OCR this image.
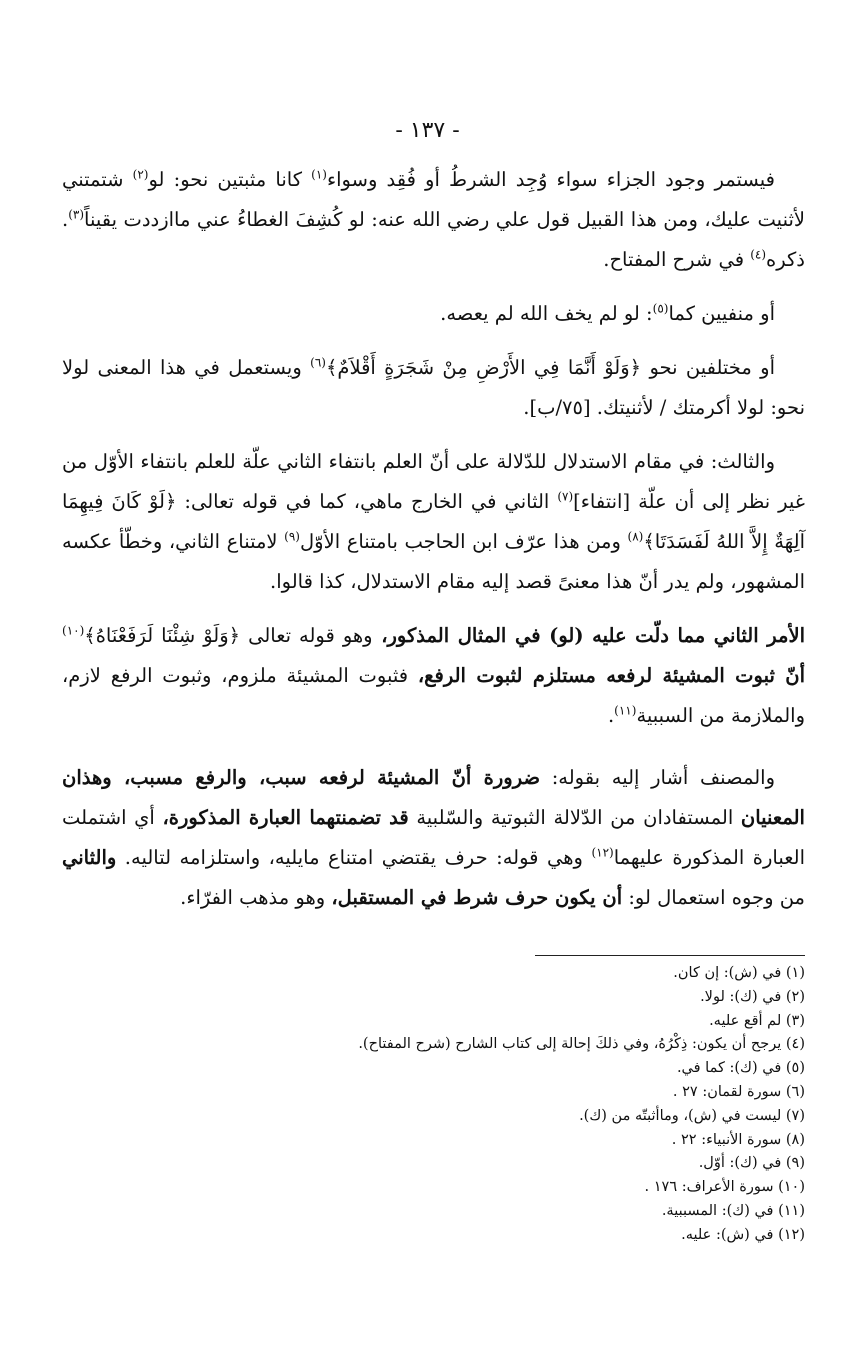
- ١٣٧ -

فيستمر وجود الجزاء سواء وُجِد الشرطُ أو فُقِد وسواء$^{(١)}$ كانا مثبتين نحو: لو$^{(٢)}$ شتمتني لأثنيت عليك، ومن هذا القبيل قول علي رضي الله عنه: لو كُشِفَ الغطاءُ عني ماازددت يقيناً$^{(٣)}$. ذكره$^{(٤)}$ في شرح المفتاح.

أو منفيين كما$^{(٥)}$: لو لم يخف الله لم يعصه.

أو مختلفين نحو ﴿وَلَوْ أَنَّمَا فِي الأَرْضِ مِنْ شَجَرَةٍ أَقْلاَمٌ﴾$^{(٦)}$ ويستعمل في هذا المعنى لولا نحو: لولا أكرمتك / لأثنيتك. [٧٥/ب].

والثالث: في مقام الاستدلال للدّلالة على أنّ العلم بانتفاء الثاني علّة للعلم بانتفاء الأوّل من غير نظر إلى أن علّة [انتفاء]$^{(٧)}$ الثاني في الخارج ماهي، كما في قوله تعالى: ﴿لَوْ كَانَ فِيهِمَا آلِهَةٌ إِلاَّ اللهُ لَفَسَدَتَا﴾$^{(٨)}$ ومن هذا عرّف ابن الحاجب بامتناع الأوّل$^{(٩)}$ لامتناع الثاني، وخطّأ عكسه المشهور، ولم يدر أنّ هذا معنىً قصد إليه مقام الاستدلال، كذا قالوا.

الأمر الثاني مما دلّت عليه (لو) في المثال المذكور، وهو قوله تعالى ﴿وَلَوْ شِئْنَا لَرَفَعْنَاهُ﴾$^{(١٠)}$ أنّ ثبوت المشيئة لرفعه مستلزم لثبوت الرفع، فثبوت المشيئة ملزوم، وثبوت الرفع لازم، والملازمة من السببية$^{(١١)}$.

والمصنف أشار إليه بقوله: ضرورة أنّ المشيئة لرفعه سبب، والرفع مسبب، وهذان المعنيان المستفادان من الدّلالة الثبوتية والسّلبية قد تضمنتهما العبارة المذكورة، أي اشتملت العبارة المذكورة عليهما$^{(١٢)}$ وهي قوله: حرف يقتضي امتناع مايليه، واستلزامه لتاليه. والثاني من وجوه استعمال لو: أن يكون حرف شرط في المستقبل، وهو مذهب الفرّاء.

(١) في (ش): إن كان.

(٢) في (ك): لولا.

(٣) لم أقع عليه.

(٤) يرجح أن يكون: ذِكْرُهُ، وفي ذلكَ إحالة إلى كتاب الشارح (شرح المفتاح).

(٥) في (ك): كما في.

(٦) سورة لقمان: ٢٧ .

(٧) ليست في (ش)، وماأثبتّه من (ك).

(٨) سورة الأنبياء: ٢٢ .

(٩) في (ك): أوّل.

(١٠) سورة الأعراف: ١٧٦ .

(١١) في (ك): المسببية.

(١٢) في (ش): عليه.
